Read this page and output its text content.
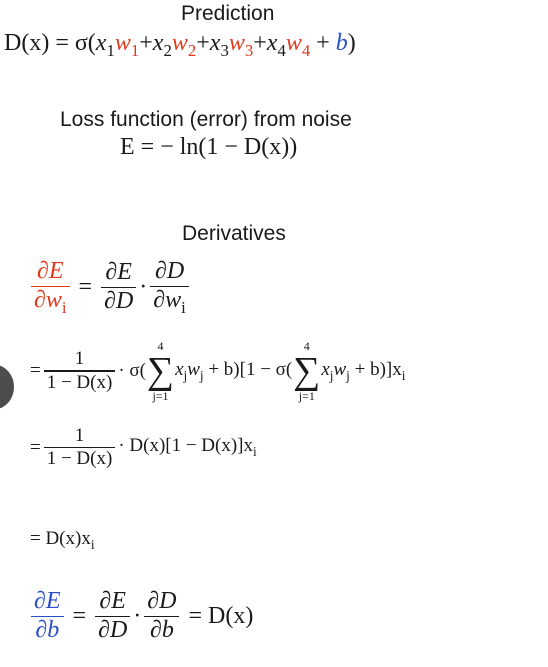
Prediction
$D(x) = \sigma(x_1w_1+x_2w_2+x_3w_3+x_4w_4 + b)$
Loss function (error) from noise
E = − ln(1 − D(x))
Derivatives
$\frac{\partial E}{\partial w_i} = \frac{\partial E}{\partial D} \cdot \frac{\partial D}{\partial w_i}$
= $\frac{1}{1 - D(x)} \cdot \sigma$(
4
∑
j=1
$x_jw_j + b)[1 - \sigma$(
4
∑
j=1
$x_jw_j + b)]x_i$
= $\frac{1}{1 - D(x)} \cdot D(x)[1 - D(x)]x_i$
= $D(x)x_i$
$\frac{\partial E}{\partial b} = \frac{\partial E}{\partial D} \cdot \frac{\partial D}{\partial b} = D(x)$
